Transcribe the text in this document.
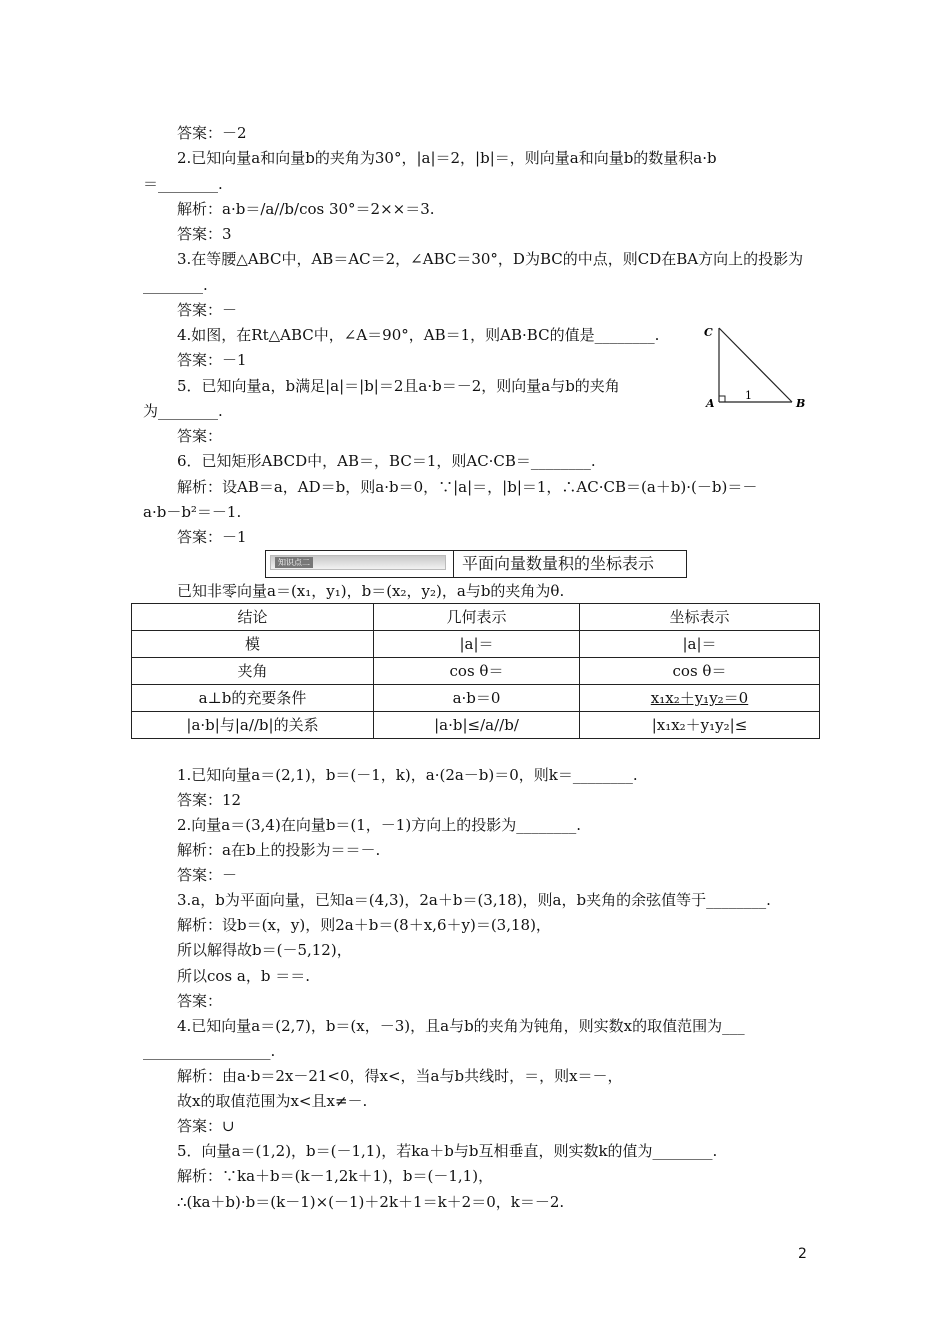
答案：－2
2.已知向量a和向量b的夹角为30°，|a|＝2，|b|＝，则向量a和向量b的数量积a·b
＝________.
解析：a·b＝/a//b/cos 30°＝2××＝3.
答案：3
3.在等腰△ABC中，AB＝AC＝2，∠ABC＝30°，D为BC的中点，则CD在BA方向上的投影为
________.
答案：－
4.如图，在Rt△ABC中，∠A＝90°，AB＝1，则AB·BC的值是________.
答案：－1
5．已知向量a，b满足|a|＝|b|＝2且a·b＝－2，则向量a与b的夹角
为________.
答案：
6．已知矩形ABCD中，AB＝，BC＝1，则AC·CB＝________.
解析：设AB＝a，AD＝b，则a·b＝0，∵|a|＝，|b|＝1，∴AC·CB＝(a＋b)·(－b)＝－
a·b－b²＝－1.
答案：－1
C
A	B
1
知识点二	平面向量数量积的坐标表示
已知非零向量a＝(x₁，y₁)，b＝(x₂，y₂)，a与b的夹角为θ.
结论	几何表示	坐标表示
模	|a|＝	|a|＝
夹角	cos θ＝	cos θ＝
a⊥b的充要条件	a·b＝0	x₁x₂＋y₁y₂＝0
|a·b|与|a//b|的关系	|a·b|≤/a//b/	|x₁x₂＋y₁y₂|≤
1.已知向量a＝(2,1)，b＝(－1，k)，a·(2a－b)＝0，则k＝________.
答案：12
2.向量a＝(3,4)在向量b＝(1，－1)方向上的投影为________.
解析：a在b上的投影为＝＝－.
答案：－
3.a，b为平面向量，已知a＝(4,3)，2a＋b＝(3,18)，则a，b夹角的余弦值等于________.
解析：设b＝(x，y)，则2a＋b＝(8＋x,6＋y)＝(3,18)，
所以解得故b＝(－5,12)，
所以cos a，b ＝＝.
答案：
4.已知向量a＝(2,7)，b＝(x，－3)，且a与b的夹角为钝角，则实数x的取值范围为___
_________________.
解析：由a·b＝2x－21<0，得x<，当a与b共线时，＝，则x＝－，
故x的取值范围为x<且x≠－.
答案：∪
5．向量a＝(1,2)，b＝(－1,1)，若ka＋b与b互相垂直，则实数k的值为________.
解析：∵ka＋b＝(k－1,2k＋1)，b＝(－1,1)，
∴(ka＋b)·b＝(k－1)×(－1)＋2k＋1＝k＋2＝0，k＝－2.
2
